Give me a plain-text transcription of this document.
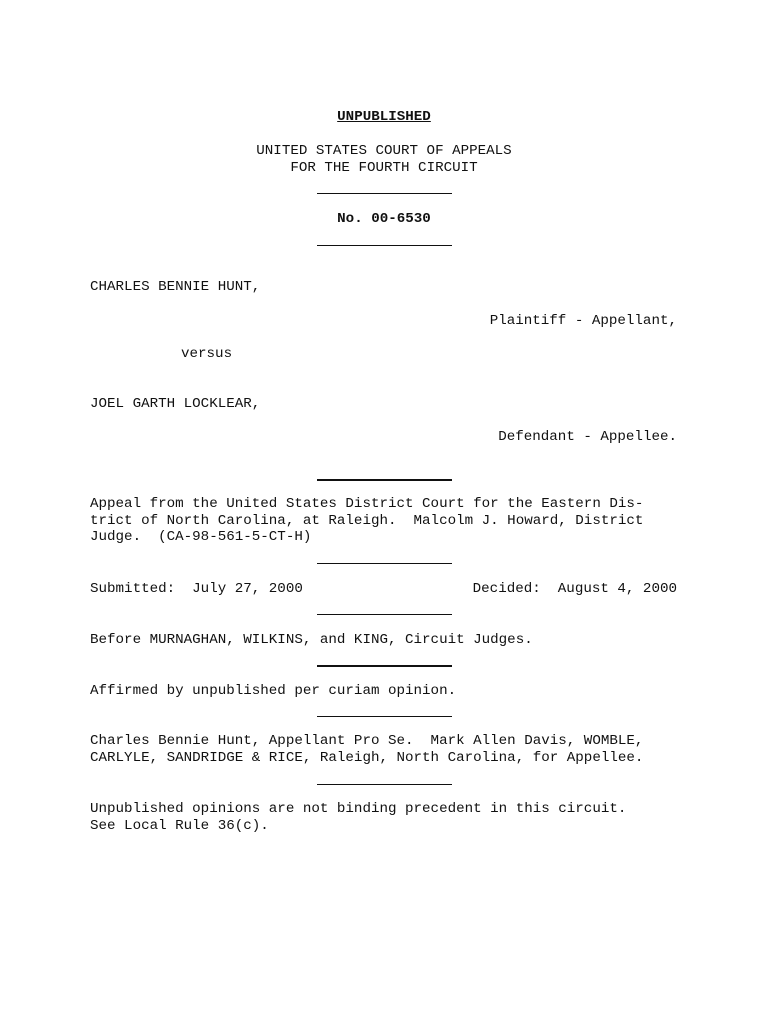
UNPUBLISHED
UNITED STATES COURT OF APPEALS
FOR THE FOURTH CIRCUIT
No. 00-6530
CHARLES BENNIE HUNT,
Plaintiff - Appellant,
versus
JOEL GARTH LOCKLEAR,
Defendant - Appellee.
Appeal from the United States District Court for the Eastern Dis-
trict of North Carolina, at Raleigh.  Malcolm J. Howard, District
Judge.  (CA-98-561-5-CT-H)
Submitted:  July 27, 2000	Decided:  August 4, 2000
Before MURNAGHAN, WILKINS, and KING, Circuit Judges.
Affirmed by unpublished per curiam opinion.
Charles Bennie Hunt, Appellant Pro Se.  Mark Allen Davis, WOMBLE,
CARLYLE, SANDRIDGE & RICE, Raleigh, North Carolina, for Appellee.
Unpublished opinions are not binding precedent in this circuit.
See Local Rule 36(c).
